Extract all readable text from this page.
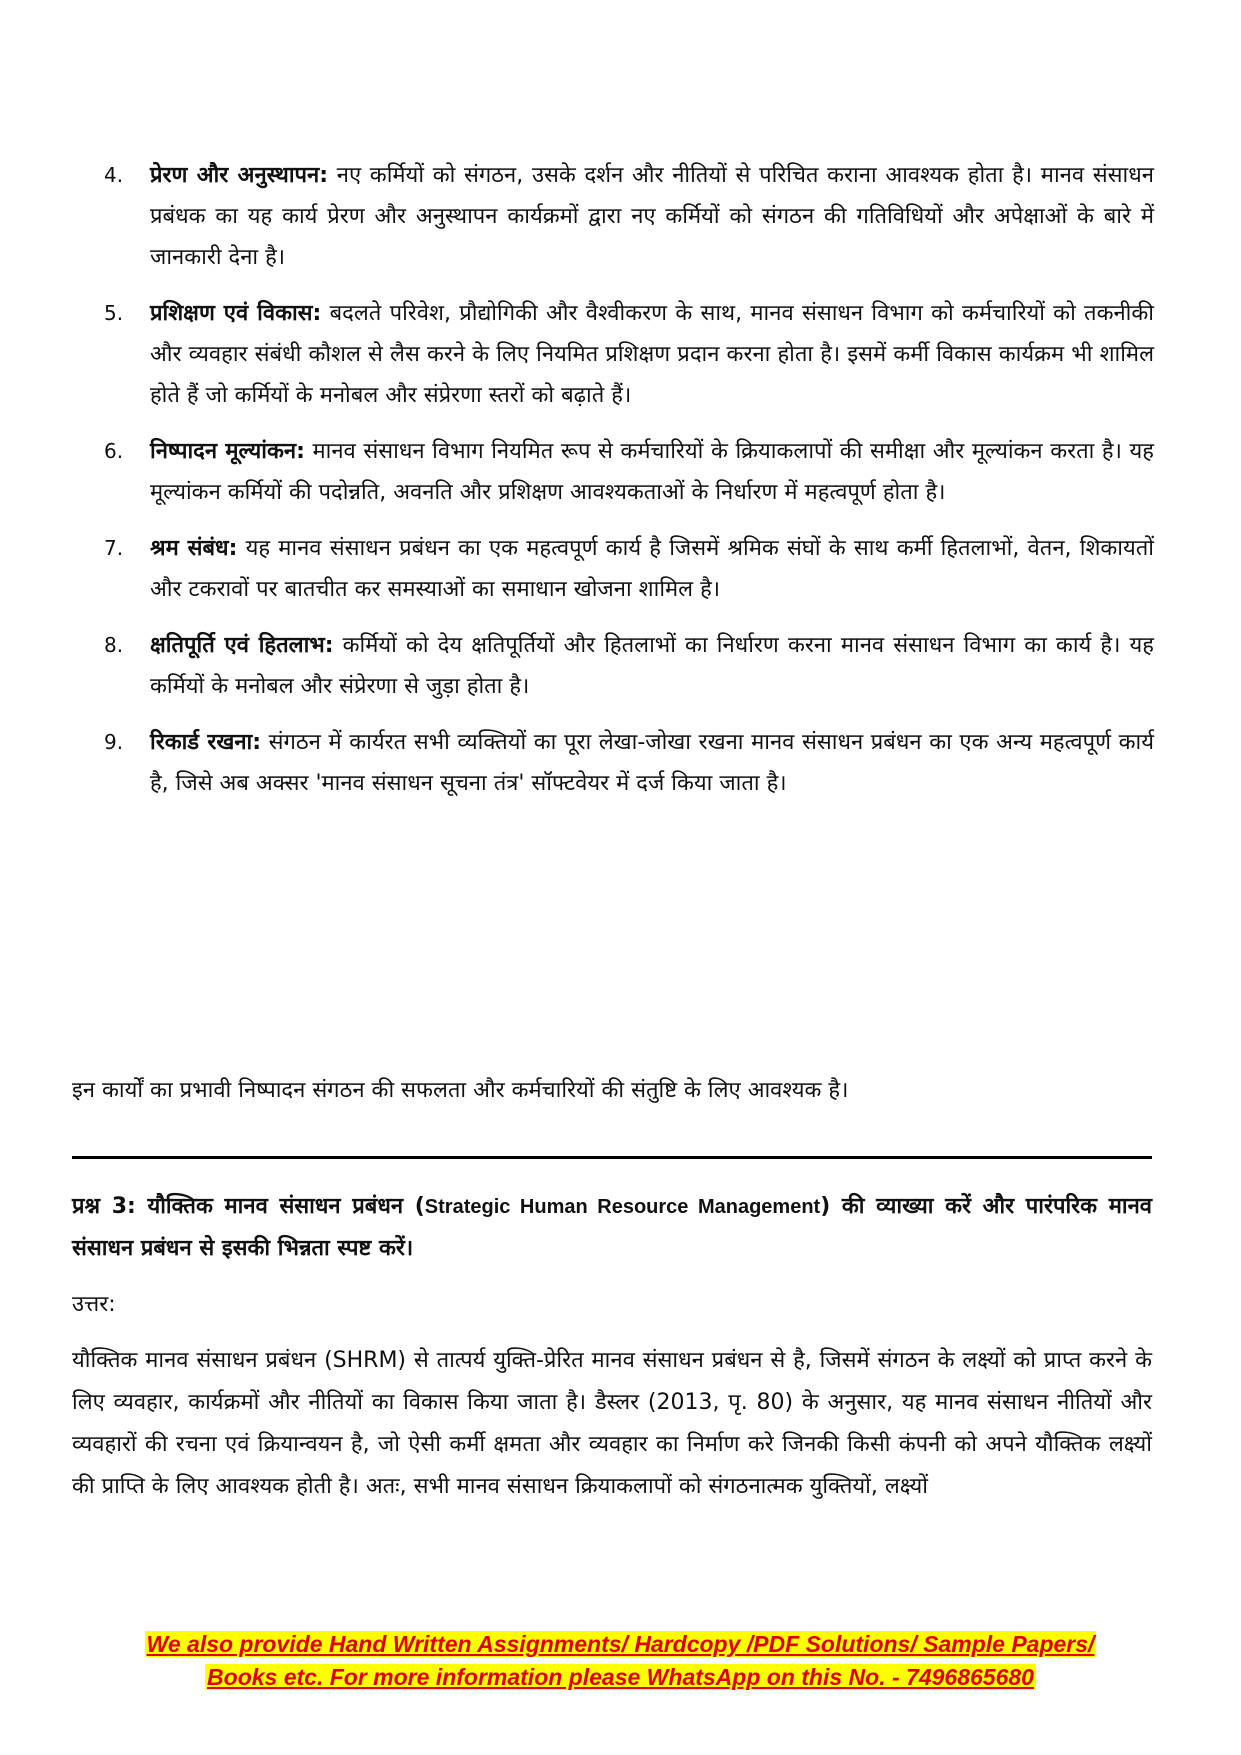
4. प्रेरण और अनुस्थापन: नए कर्मियों को संगठन, उसके दर्शन और नीतियों से परिचित कराना आवश्यक होता है। मानव संसाधन प्रबंधक का यह कार्य प्रेरण और अनुस्थापन कार्यक्रमों द्वारा नए कर्मियों को संगठन की गतिविधियों और अपेक्षाओं के बारे में जानकारी देना है।
5. प्रशिक्षण एवं विकास: बदलते परिवेश, प्रौद्योगिकी और वैश्वीकरण के साथ, मानव संसाधन विभाग को कर्मचारियों को तकनीकी और व्यवहार संबंधी कौशल से लैस करने के लिए नियमित प्रशिक्षण प्रदान करना होता है। इसमें कर्मी विकास कार्यक्रम भी शामिल होते हैं जो कर्मियों के मनोबल और संप्रेरणा स्तरों को बढ़ाते हैं।
6. निष्पादन मूल्यांकन: मानव संसाधन विभाग नियमित रूप से कर्मचारियों के क्रियाकलापों की समीक्षा और मूल्यांकन करता है। यह मूल्यांकन कर्मियों की पदोन्नति, अवनति और प्रशिक्षण आवश्यकताओं के निर्धारण में महत्वपूर्ण होता है।
7. श्रम संबंध: यह मानव संसाधन प्रबंधन का एक महत्वपूर्ण कार्य है जिसमें श्रमिक संघों के साथ कर्मी हितलाभों, वेतन, शिकायतों और टकरावों पर बातचीत कर समस्याओं का समाधान खोजना शामिल है।
8. क्षतिपूर्ति एवं हितलाभ: कर्मियों को देय क्षतिपूर्तियों और हितलाभों का निर्धारण करना मानव संसाधन विभाग का कार्य है। यह कर्मियों के मनोबल और संप्रेरणा से जुड़ा होता है।
9. रिकार्ड रखना: संगठन में कार्यरत सभी व्यक्तियों का पूरा लेखा-जोखा रखना मानव संसाधन प्रबंधन का एक अन्य महत्वपूर्ण कार्य है, जिसे अब अक्सर 'मानव संसाधन सूचना तंत्र' सॉफ्टवेयर में दर्ज किया जाता है।
इन कार्यों का प्रभावी निष्पादन संगठन की सफलता और कर्मचारियों की संतुष्टि के लिए आवश्यक है।
प्रश्न 3: यौक्तिक मानव संसाधन प्रबंधन (Strategic Human Resource Management) की व्याख्या करें और पारंपरिक मानव संसाधन प्रबंधन से इसकी भिन्नता स्पष्ट करें।
उत्तर:
यौक्तिक मानव संसाधन प्रबंधन (SHRM) से तात्पर्य युक्ति-प्रेरित मानव संसाधन प्रबंधन से है, जिसमें संगठन के लक्ष्यों को प्राप्त करने के लिए व्यवहार, कार्यक्रमों और नीतियों का विकास किया जाता है। डैस्लर (2013, पृ. 80) के अनुसार, यह मानव संसाधन नीतियों और व्यवहारों की रचना एवं क्रियान्वयन है, जो ऐसी कर्मी क्षमता और व्यवहार का निर्माण करे जिनकी किसी कंपनी को अपने यौक्तिक लक्ष्यों की प्राप्ति के लिए आवश्यक होती है। अतः, सभी मानव संसाधन क्रियाकलापों को संगठनात्मक युक्तियों, लक्ष्यों
We also provide Hand Written Assignments/ Hardcopy /PDF Solutions/ Sample Papers/
Books etc. For more information please WhatsApp on this No. - 7496865680
